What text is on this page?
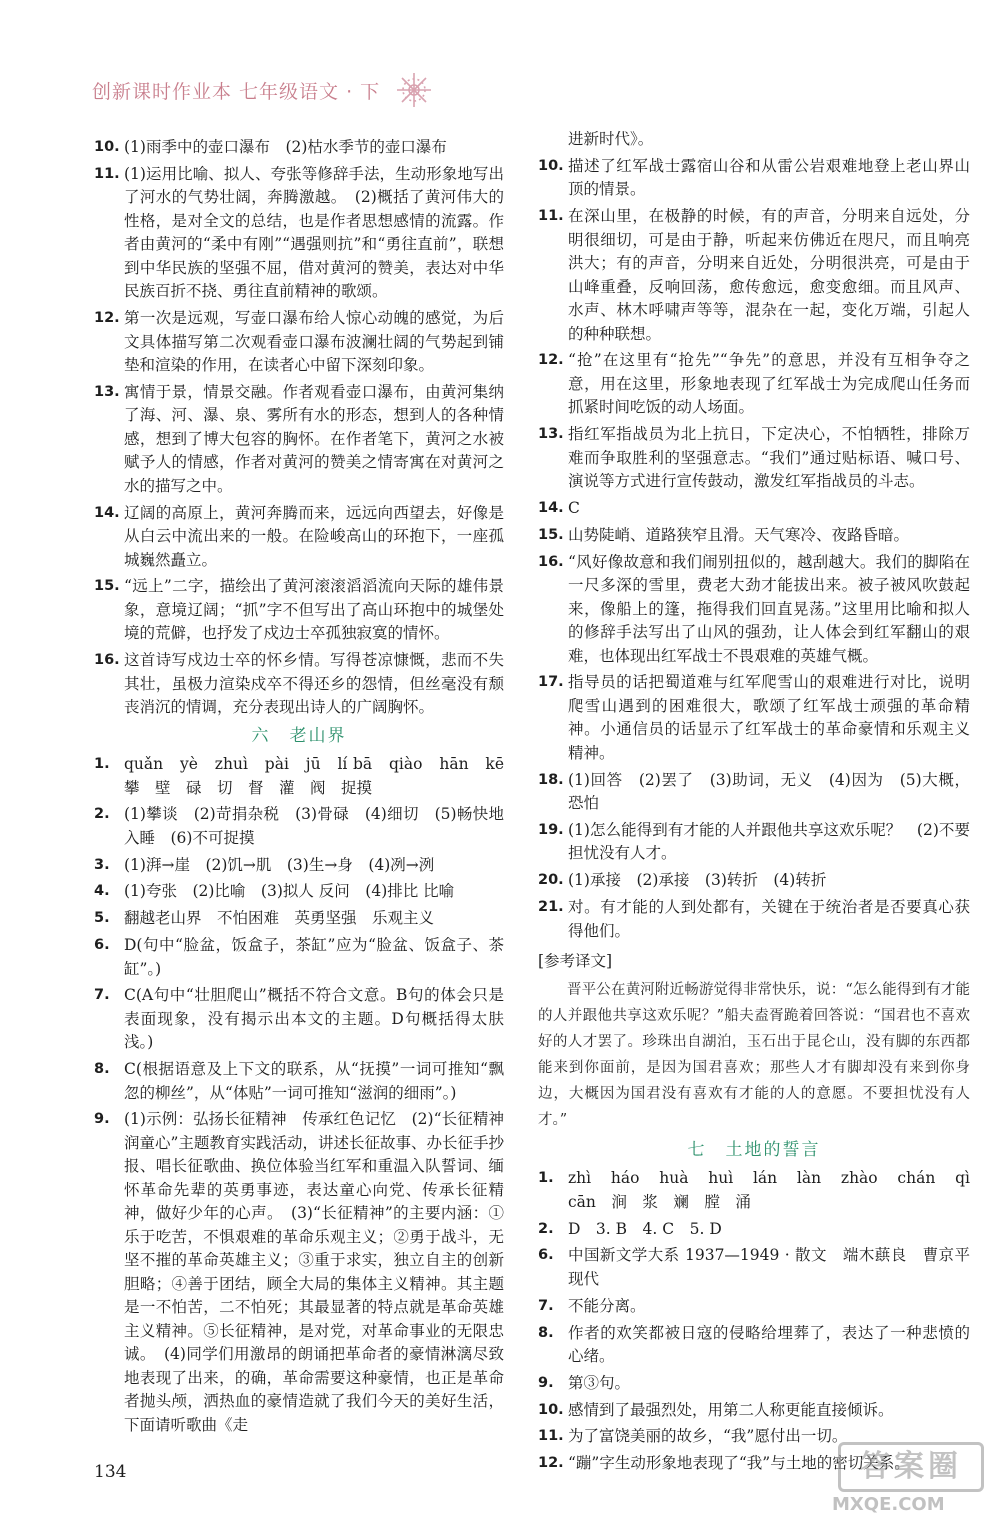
创新课时作业本 七年级语文 · 下
10. (1)雨季中的壶口瀑布　(2)枯水季节的壶口瀑布
11. (1)运用比喻、拟人、夸张等修辞手法，生动形象地写出了河水的气势壮阔，奔腾激越。　(2)概括了黄河伟大的性格，是对全文的总结，也是作者思想感情的流露。作者由黄河的“柔中有刚”“遇强则抗”和“勇往直前”，联想到中华民族的坚强不屈，借对黄河的赞美，表达对中华民族百折不挠、勇往直前精神的歌颂。
12. 第一次是远观，写壶口瀑布给人惊心动魄的感觉，为后文具体描写第二次观看壶口瀑布波澜壮阔的气势起到铺垫和渲染的作用，在读者心中留下深刻印象。
13. 寓情于景，情景交融。作者观看壶口瀑布，由黄河集纳了海、河、瀑、泉、雾所有水的形态，想到人的各种情感，想到了博大包容的胸怀。在作者笔下，黄河之水被赋予人的情感，作者对黄河的赞美之情寄寓在对黄河之水的描写之中。
14. 辽阔的高原上，黄河奔腾而来，远远向西望去，好像是从白云中流出来的一般。在险峻高山的环抱下，一座孤城巍然矗立。
15. “远上”二字，描绘出了黄河滚滚滔滔流向天际的雄伟景象，意境辽阔；“抓”字不但写出了高山环抱中的城堡处境的荒僻，也抒发了戍边士卒孤独寂寞的情怀。
16. 这首诗写戍边士卒的怀乡情。写得苍凉慷慨，悲而不失其壮，虽极力渲染戍卒不得还乡的怨情，但丝毫没有颓丧消沉的情调，充分表现出诗人的广阔胸怀。
六　老山界
1. quǎn　yè　zhuì　pài　jū　lí bā　qiào　hān　kē　攀　壁　碌　切　督　灌　阀　捉摸
2. (1)攀谈　(2)苛捐杂税　(3)骨碌　(4)细切　(5)畅快地入睡　(6)不可捉摸
3. (1)湃→崖　(2)饥→肌　(3)生→身　(4)冽→洌
4. (1)夸张　(2)比喻　(3)拟人 反问　(4)排比 比喻
5. 翻越老山界　不怕困难　英勇坚强　乐观主义
6. D(句中“脸盆，饭盒子，茶缸”应为“脸盆、饭盒子、茶缸”。)
7. C(A句中“壮胆爬山”概括不符合文意。B句的体会只是表面现象，没有揭示出本文的主题。D句概括得太肤浅。)
8. C(根据语意及上下文的联系，从“抚摸”一词可推知“飘忽的柳丝”，从“体贴”一词可推知“滋润的细雨”。)
9. (1)示例：弘扬长征精神　传承红色记忆　(2)“长征精神润童心”主题教育实践活动，讲述长征故事、办长征手抄报、唱长征歌曲、换位体验当红军和重温入队誓词、缅怀革命先辈的英勇事迹，表达童心向党、传承长征精神，做好少年的心声。　(3)“长征精神”的主要内涵：①乐于吃苦，不惧艰难的革命乐观主义；②勇于战斗，无坚不摧的革命英雄主义；③重于求实，独立自主的创新胆略；④善于团结，顾全大局的集体主义精神。其主题是一不怕苦，二不怕死；其最显著的特点就是革命英雄主义精神。⑤长征精神，是对党，对革命事业的无限忠诚。　(4)同学们用激昂的朗诵把革命者的豪情淋漓尽致地表现了出来，的确，革命需要这种豪情，也正是革命者抛头颅，洒热血的豪情造就了我们今天的美好生活，下面请听歌曲《走
进新时代》。
10. 描述了红军战士露宿山谷和从雷公岩艰难地登上老山界山顶的情景。
11. 在深山里，在极静的时候，有的声音，分明来自远处，分明很细切，可是由于静，听起来仿佛近在咫尺，而且响亮洪大；有的声音，分明来自近处，分明很洪亮，可是由于山峰重叠，反响回荡，愈传愈远，愈变愈细。而且风声、水声、林木呼啸声等等，混杂在一起，变化万端，引起人的种种联想。
12. “抢”在这里有“抢先”“争先”的意思，并没有互相争夺之意，用在这里，形象地表现了红军战士为完成爬山任务而抓紧时间吃饭的动人场面。
13. 指红军指战员为北上抗日，下定决心，不怕牺牲，排除万难而争取胜利的坚强意志。“我们”通过贴标语、喊口号、演说等方式进行宣传鼓动，激发红军指战员的斗志。
14. C
15. 山势陡峭、道路狭窄且滑。天气寒冷、夜路昏暗。
16. “风好像故意和我们闹别扭似的，越刮越大。我们的脚陷在一尺多深的雪里，费老大劲才能拔出来。被子被风吹鼓起来，像船上的篷，拖得我们回直晃荡。”这里用比喻和拟人的修辞手法写出了山风的强劲，让人体会到红军翻山的艰难，也体现出红军战士不畏艰难的英雄气概。
17. 指导员的话把蜀道难与红军爬雪山的艰难进行对比，说明爬雪山遇到的困难很大，歌颂了红军战士顽强的革命精神。小通信员的话显示了红军战士的革命豪情和乐观主义精神。
18. (1)回答　(2)罢了　(3)助词，无义　(4)因为　(5)大概，恐怕
19. (1)怎么能得到有才能的人并跟他共享这欢乐呢？　(2)不要担忧没有人才。
20. (1)承接　(2)承接　(3)转折　(4)转折
21. 对。有才能的人到处都有，关键在于统治者是否要真心获得他们。
[参考译文]
晋平公在黄河附近畅游觉得非常快乐，说：“怎么能得到有才能的人并跟他共享这欢乐呢？”船夫盍胥跪着回答说：“国君也不喜欢好的人才罢了。珍珠出自湖泊，玉石出于昆仑山，没有脚的东西都能来到你面前，是因为国君喜欢；那些人才有脚却没有来到你身边，大概因为国君没有喜欢有才能的人的意愿。不要担忧没有人才。”
七　土地的誓言
1. zhì　háo　huà　huì　lán　làn　zhào　chán　qì　cān　涧　浆　斓　膛　涌
2. D　3. B　4. C　5. D
6. 中国新文学大系 1937—1949 · 散文　端木蕻良　曹京平　现代
7. 不能分离。
8. 作者的欢笑都被日寇的侵略给埋葬了，表达了一种悲愤的心绪。
9. 第③句。
10. 感情到了最强烈处，用第二人称更能直接倾诉。
11. 为了富饶美丽的故乡，“我”愿付出一切。
12. “蹦”字生动形象地表现了“我”与土地的密切关系。
134	答案圈
MXQE.COM
